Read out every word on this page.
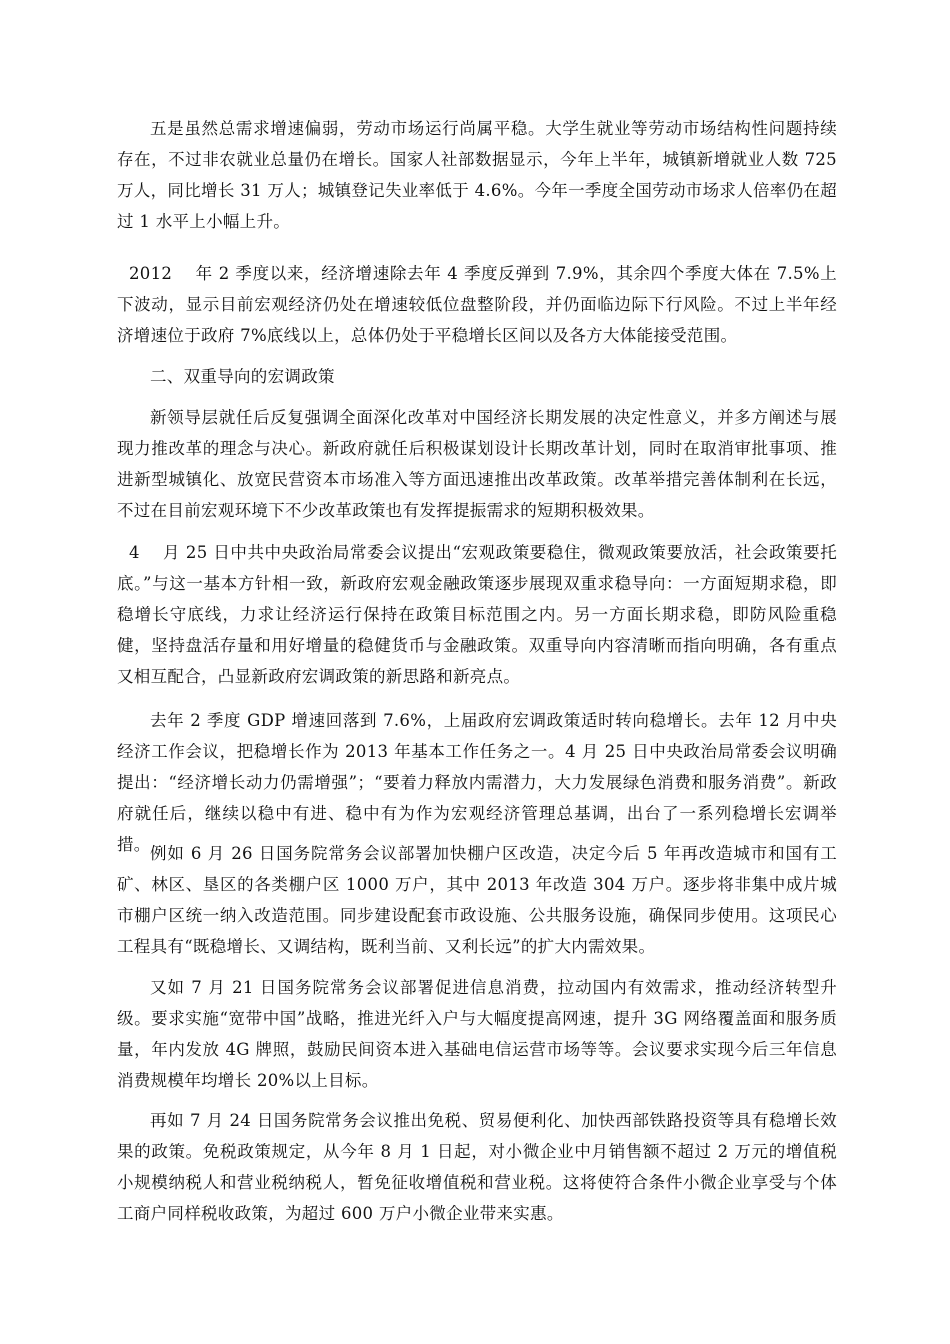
五是虽然总需求增速偏弱，劳动市场运行尚属平稳。大学生就业等劳动市场结构性问题持续存在，不过非农就业总量仍在增长。国家人社部数据显示，今年上半年，城镇新增就业人数 725 万人，同比增长 31 万人；城镇登记失业率低于 4.6%。今年一季度全国劳动市场求人倍率仍在超过 1 水平上小幅上升。

2012　 年 2 季度以来，经济增速除去年 4 季度反弹到 7.9%，其余四个季度大体在 7.5%上下波动，显示目前宏观经济仍处在增速较低位盘整阶段，并仍面临边际下行风险。不过上半年经济增速位于政府 7%底线以上，总体仍处于平稳增长区间以及各方大体能接受范围。

二、双重导向的宏调政策

新领导层就任后反复强调全面深化改革对中国经济长期发展的决定性意义，并多方阐述与展现力推改革的理念与决心。新政府就任后积极谋划设计长期改革计划，同时在取消审批事项、推进新型城镇化、放宽民营资本市场准入等方面迅速推出改革政策。改革举措完善体制利在长远，不过在目前宏观环境下不少改革政策也有发挥提振需求的短期积极效果。

4　 月 25 日中共中央政治局常委会议提出“宏观政策要稳住，微观政策要放活，社会政策要托底。”与这一基本方针相一致，新政府宏观金融政策逐步展现双重求稳导向：一方面短期求稳，即稳增长守底线，力求让经济运行保持在政策目标范围之内。另一方面长期求稳，即防风险重稳健，坚持盘活存量和用好增量的稳健货币与金融政策。双重导向内容清晰而指向明确，各有重点又相互配合，凸显新政府宏调政策的新思路和新亮点。

去年 2 季度 GDP 增速回落到 7.6%，上届政府宏调政策适时转向稳增长。去年 12 月中央经济工作会议，把稳增长作为 2013 年基本工作任务之一。4 月 25 日中央政治局常委会议明确提出：“经济增长动力仍需增强”；“要着力释放内需潜力，大力发展绿色消费和服务消费”。新政府就任后，继续以稳中有进、稳中有为作为宏观经济管理总基调，出台了一系列稳增长宏调举措。 例如 6 月 26 日国务院常务会议部署加快棚户区改造，决定今后 5 年再改造城市和国有工矿、林区、垦区的各类棚户区 1000 万户，其中 2013 年改造 304 万户。逐步将非集中成片城市棚户区统一纳入改造范围。同步建设配套市政设施、公共服务设施，确保同步使用。这项民心工程具有“既稳增长、又调结构，既利当前、又利长远”的扩大内需效果。

又如 7 月 21 日国务院常务会议部署促进信息消费，拉动国内有效需求，推动经济转型升级。要求实施“宽带中国”战略，推进光纤入户与大幅度提高网速，提升 3G 网络覆盖面和服务质量，年内发放 4G 牌照，鼓励民间资本进入基础电信运营市场等等。会议要求实现今后三年信息消费规模年均增长 20%以上目标。

再如 7 月 24 日国务院常务会议推出免税、贸易便利化、加快西部铁路投资等具有稳增长效果的政策。免税政策规定，从今年 8 月 1 日起，对小微企业中月销售额不超过 2 万元的增值税小规模纳税人和营业税纳税人，暂免征收增值税和营业税。这将使符合条件小微企业享受与个体工商户同样税收政策，为超过 600 万户小微企业带来实惠。
